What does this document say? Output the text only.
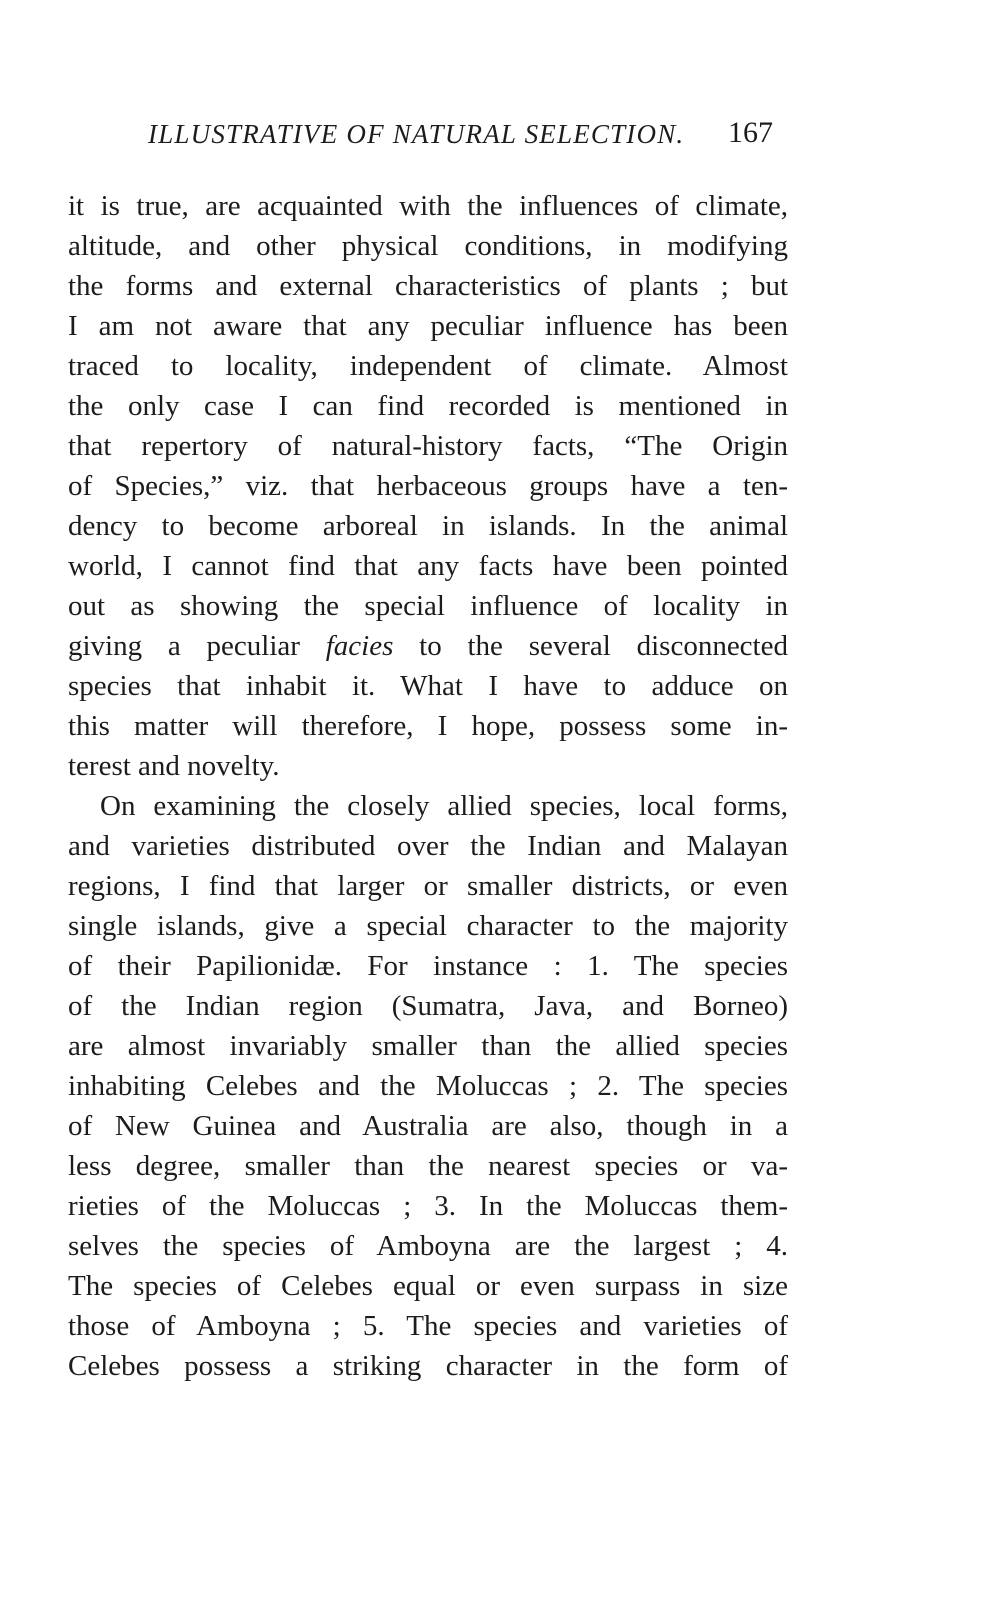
ILLUSTRATIVE OF NATURAL SELECTION. 167
it is true, are acquainted with the influences of climate,
altitude, and other physical conditions, in modifying
the forms and external characteristics of plants ; but
I am not aware that any peculiar influence has been
traced to locality, independent of climate. Almost
the only case I can find recorded is mentioned in
that repertory of natural-history facts, “The Origin
of Species,” viz. that herbaceous groups have a ten-
dency to become arboreal in islands. In the animal
world, I cannot find that any facts have been pointed
out as showing the special influence of locality in
giving a peculiar facies to the several disconnected
species that inhabit it. What I have to adduce on
this matter will therefore, I hope, possess some in-
terest and novelty.
On examining the closely allied species, local forms,
and varieties distributed over the Indian and Malayan
regions, I find that larger or smaller districts, or even
single islands, give a special character to the majority
of their Papilionidæ. For instance : 1. The species
of the Indian region (Sumatra, Java, and Borneo)
are almost invariably smaller than the allied species
inhabiting Celebes and the Moluccas ; 2. The species
of New Guinea and Australia are also, though in a
less degree, smaller than the nearest species or va-
rieties of the Moluccas ; 3. In the Moluccas them-
selves the species of Amboyna are the largest ; 4.
The species of Celebes equal or even surpass in size
those of Amboyna ; 5. The species and varieties of
Celebes possess a striking character in the form of
